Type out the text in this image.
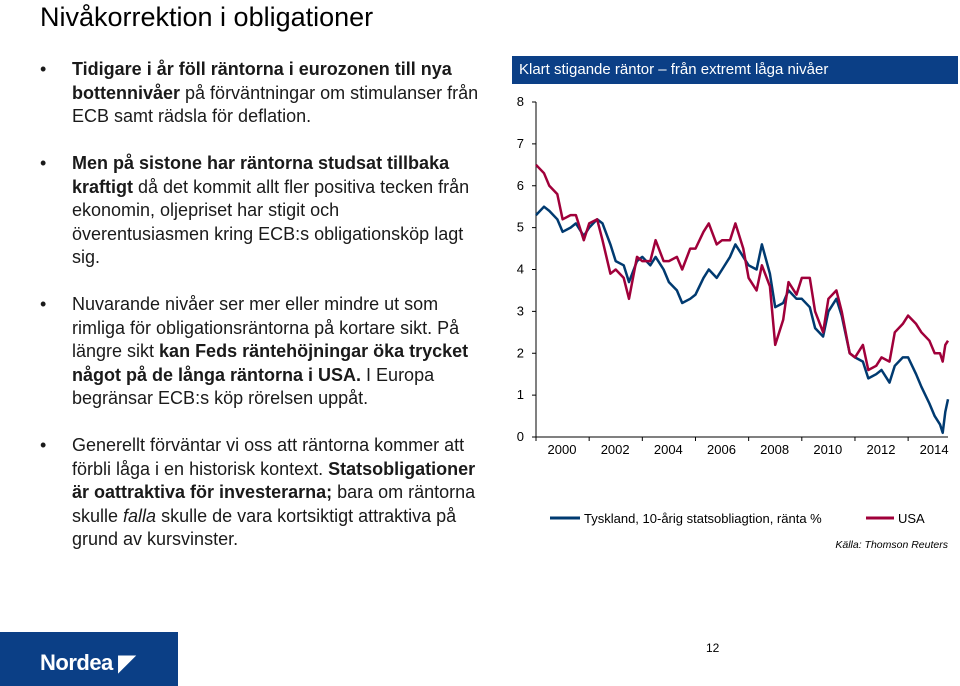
Nivåkorrektion i obligationer
• Tidigare i år föll räntorna i eurozonen till nya bottennivåer på förväntningar om stimulanser från ECB samt rädsla för deflation.
• Men på sistone har räntorna studsat tillbaka kraftigt då det kommit allt fler positiva tecken från ekonomin, oljepriset har stigit och överentusiasmen kring ECB:s obligationsköp lagt sig.
• Nuvarande nivåer ser mer eller mindre ut som rimliga för obligationsräntorna på kortare sikt. På längre sikt kan Feds räntehöjningar öka trycket något på de långa räntorna i USA. I Europa begränsar ECB:s köp rörelsen uppåt.
• Generellt förväntar vi oss att räntorna kommer att förbli låga i en historisk kontext. Statsobligationer är oattraktiva för investerarna; bara om räntorna skulle falla skulle de vara kortsiktigt attraktiva på grund av kursvinster.
Klart stigande räntor – från extremt låga nivåer
0
1
2
3
4
5
6
7
8
2000 2002 2004 2006 2008 2010 2012 2014
Tyskland, 10-årig statsobliagtion, ränta %	USA
Källa: Thomson Reuters
Nordea ◤
12
